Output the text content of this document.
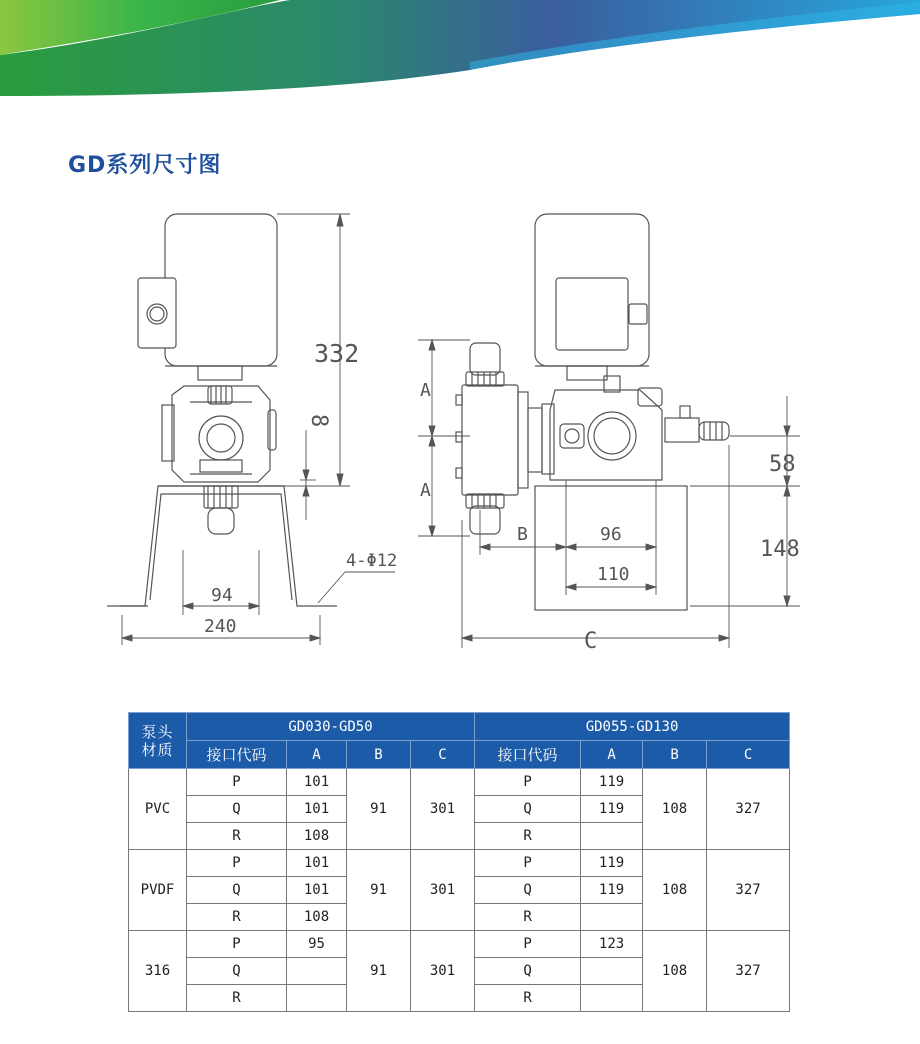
GD系列尺寸图
332
8
94
240
4-Φ12
A
A
58
148
B	96
110
C
泵头
材质	GD030-GD50				GD055-GD130			
	接口代码	A	B	C	接口代码	A	B	C
PVC	P	101	91	301	P	119	108	327
	Q	101			Q	119		
	R	108			R			
PVDF	P	101	91	301	P	119	108	327
	Q	101			Q	119		
	R	108			R			
316	P	95	91	301	P	123	108	327
	Q				Q			
	R				R			
